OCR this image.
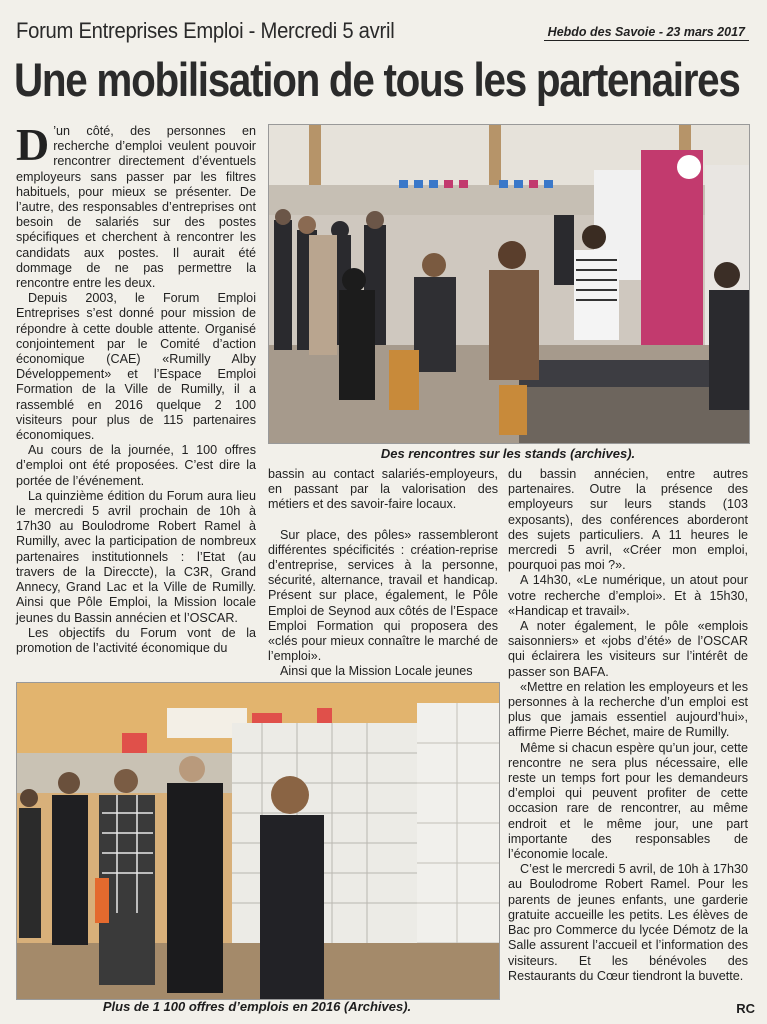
Forum Entreprises Emploi - Mercredi 5 avril	Hebdo des Savoie - 23 mars 2017
Une mobilisation de tous les partenaires

D ’un côté, des personnes en recherche d’emploi veulent pouvoir rencontrer directement d’éventuels employeurs sans passer par les filtres habituels, pour mieux se présenter. De l’autre, des responsables d’entreprises ont besoin de salariés sur des postes spécifiques et cherchent à rencontrer les candidats aux postes. Il aurait été dommage de ne pas permettre la rencontre entre les deux.

Depuis 2003, le Forum Emploi Entreprises s’est donné pour mission de répondre à cette double attente. Organisé conjointement par le Comité d’action économique (CAE) «Rumilly Alby Développement» et l’Espace Emploi Formation de la Ville de Rumilly, il a rassemblé en 2016 quelque 2 100 visiteurs pour plus de 115 partenaires économiques.

Au cours de la journée, 1 100 offres d’emploi ont été proposées. C’est dire la portée de l’événement.

La quinzième édition du Forum aura lieu le mercredi 5 avril prochain de 10h à 17h30 au Boulodrome Robert Ramel à Rumilly, avec la participation de nombreux partenaires institutionnels : l’Etat (au travers de la Direccte), la C3R, Grand Annecy, Grand Lac et la Ville de Rumilly. Ainsi que Pôle Emploi, la Mission locale jeunes du Bassin annécien et l’OSCAR.

Les objectifs du Forum vont de la promotion de l’activité économique du

Des rencontres sur les stands (archives).

bassin au contact salariés-employeurs, en passant par la valorisation des métiers et des savoir-faire locaux.

Sur place, des pôles» rassembleront différentes spécificités : création-reprise d’entreprise, services à la personne, sécurité, alternance, travail et handicap. Présent sur place, également, le Pôle Emploi de Seynod aux côtés de l’Espace Emploi Formation qui proposera des «clés pour mieux connaître le marché de l’emploi».

Ainsi que la Mission Locale jeunes

du bassin annécien, entre autres partenaires. Outre la présence des employeurs sur leurs stands (103 exposants), des conférences aborderont des sujets particuliers. A 11 heures le mercredi 5 avril, «Créer mon emploi, pourquoi pas moi ?».

A 14h30, «Le numérique, un atout pour votre recherche d’emploi». Et à 15h30, «Handicap et travail».

A noter également, le pôle «emplois saisonniers» et «jobs d’été» de l’OSCAR qui éclairera les visiteurs sur l’intérêt de passer son BAFA.

«Mettre en relation les employeurs et les personnes à la recherche d’un emploi est plus que jamais essentiel aujourd’hui», affirme Pierre Béchet, maire de Rumilly.

Même si chacun espère qu’un jour, cette rencontre ne sera plus nécessaire, elle reste un temps fort pour les demandeurs d’emploi qui peuvent profiter de cette occasion rare de rencontrer, au même endroit et le même jour, une part importante des responsables de l’économie locale.

C’est le mercredi 5 avril, de 10h à 17h30 au Boulodrome Robert Ramel. Pour les parents de jeunes enfants, une garderie gratuite accueille les petits. Les élèves de Bac pro Commerce du lycée Démotz de la Salle assurent l’accueil et l’information des visiteurs. Et les bénévoles des Restaurants du Cœur tiendront la buvette.

Plus de 1 100 offres d’emplois en 2016 (Archives).	RC
